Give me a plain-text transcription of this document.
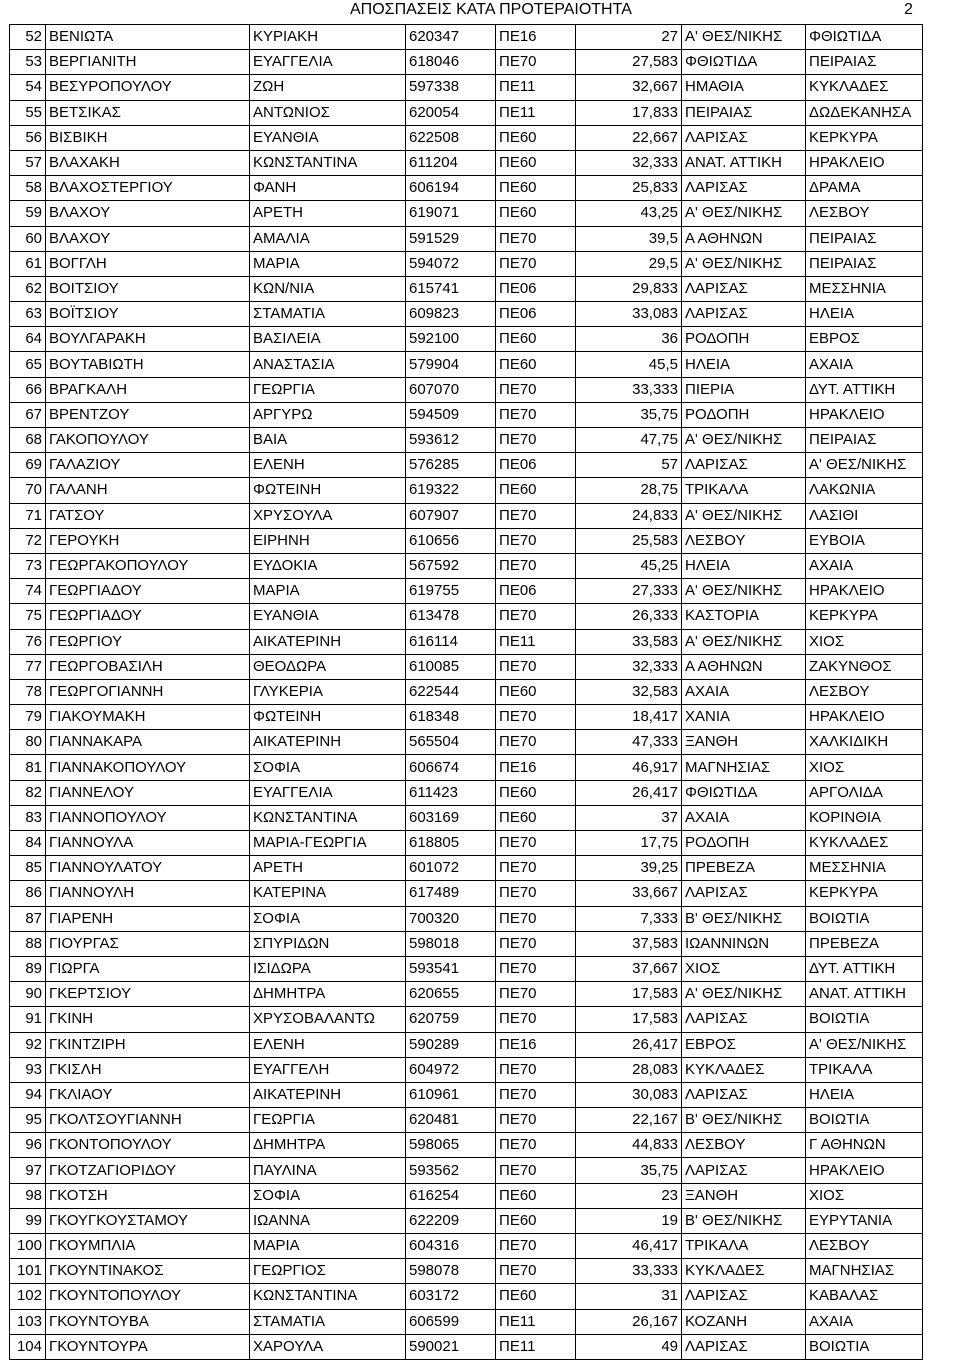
ΑΠΟΣΠΑΣΕΙΣ ΚΑΤΑ ΠΡΟΤΕΡΑΙΟΤΗΤΑ	2
52	ΒΕΝΙΩΤΑ	ΚΥΡΙΑΚΗ	620347	ΠΕ16	27	Α' ΘΕΣ/ΝΙΚΗΣ	ΦΘΙΩΤΙΔΑ
53	ΒΕΡΓΙΑΝΙΤΗ	ΕΥΑΓΓΕΛΙΑ	618046	ΠΕ70	27,583	ΦΘΙΩΤΙΔΑ	ΠΕΙΡΑΙΑΣ
54	ΒΕΣΥΡΟΠΟΥΛΟΥ	ΖΩΗ	597338	ΠΕ11	32,667	ΗΜΑΘΙΑ	ΚΥΚΛΑΔΕΣ
55	ΒΕΤΣΙΚΑΣ	ΑΝΤΩΝΙΟΣ	620054	ΠΕ11	17,833	ΠΕΙΡΑΙΑΣ	ΔΩΔΕΚΑΝΗΣΑ
56	ΒΙΣΒΙΚΗ	ΕΥΑΝΘΙΑ	622508	ΠΕ60	22,667	ΛΑΡΙΣΑΣ	ΚΕΡΚΥΡΑ
57	ΒΛΑΧΑΚΗ	ΚΩΝΣΤΑΝΤΙΝΑ	611204	ΠΕ60	32,333	ΑΝΑΤ. ΑΤΤΙΚΗ	ΗΡΑΚΛΕΙΟ
58	ΒΛΑΧΟΣΤΕΡΓΙΟΥ	ΦΑΝΗ	606194	ΠΕ60	25,833	ΛΑΡΙΣΑΣ	ΔΡΑΜΑ
59	ΒΛΑΧΟΥ	ΑΡΕΤΗ	619071	ΠΕ60	43,25	Α' ΘΕΣ/ΝΙΚΗΣ	ΛΕΣΒΟΥ
60	ΒΛΑΧΟΥ	ΑΜΑΛΙΑ	591529	ΠΕ70	39,5	Α ΑΘΗΝΩΝ	ΠΕΙΡΑΙΑΣ
61	ΒΟΓΓΛΗ	ΜΑΡΙΑ	594072	ΠΕ70	29,5	Α' ΘΕΣ/ΝΙΚΗΣ	ΠΕΙΡΑΙΑΣ
62	ΒΟΙΤΣΙΟΥ	ΚΩΝ/ΝΙΑ	615741	ΠΕ06	29,833	ΛΑΡΙΣΑΣ	ΜΕΣΣΗΝΙΑ
63	ΒΟΪΤΣΙΟΥ	ΣΤΑΜΑΤΙΑ	609823	ΠΕ06	33,083	ΛΑΡΙΣΑΣ	ΗΛΕΙΑ
64	ΒΟΥΛΓΑΡΑΚΗ	ΒΑΣΙΛΕΙΑ	592100	ΠΕ60	36	ΡΟΔΟΠΗ	ΕΒΡΟΣ
65	ΒΟΥΤΑΒΙΩΤΗ	ΑΝΑΣΤΑΣΙΑ	579904	ΠΕ60	45,5	ΗΛΕΙΑ	ΑΧΑΙΑ
66	ΒΡΑΓΚΑΛΗ	ΓΕΩΡΓΙΑ	607070	ΠΕ70	33,333	ΠΙΕΡΙΑ	ΔΥΤ. ΑΤΤΙΚΗ
67	ΒΡΕΝΤΖΟΥ	ΑΡΓΥΡΩ	594509	ΠΕ70	35,75	ΡΟΔΟΠΗ	ΗΡΑΚΛΕΙΟ
68	ΓΑΚΟΠΟΥΛΟΥ	ΒΑΙΑ	593612	ΠΕ70	47,75	Α' ΘΕΣ/ΝΙΚΗΣ	ΠΕΙΡΑΙΑΣ
69	ΓΑΛΑΖΙΟΥ	ΕΛΕΝΗ	576285	ΠΕ06	57	ΛΑΡΙΣΑΣ	Α' ΘΕΣ/ΝΙΚΗΣ
70	ΓΑΛΑΝΗ	ΦΩΤΕΙΝΗ	619322	ΠΕ60	28,75	ΤΡΙΚΑΛΑ	ΛΑΚΩΝΙΑ
71	ΓΑΤΣΟΥ	ΧΡΥΣΟΥΛΑ	607907	ΠΕ70	24,833	Α' ΘΕΣ/ΝΙΚΗΣ	ΛΑΣΙΘΙ
72	ΓΕΡΟΥΚΗ	ΕΙΡΗΝΗ	610656	ΠΕ70	25,583	ΛΕΣΒΟΥ	ΕΥΒΟΙΑ
73	ΓΕΩΡΓΑΚΟΠΟΥΛΟΥ	ΕΥΔΟΚΙΑ	567592	ΠΕ70	45,25	ΗΛΕΙΑ	ΑΧΑΙΑ
74	ΓΕΩΡΓΙΑΔΟΥ	ΜΑΡΙΑ	619755	ΠΕ06	27,333	Α' ΘΕΣ/ΝΙΚΗΣ	ΗΡΑΚΛΕΙΟ
75	ΓΕΩΡΓΙΑΔΟΥ	ΕΥΑΝΘΙΑ	613478	ΠΕ70	26,333	ΚΑΣΤΟΡΙΑ	ΚΕΡΚΥΡΑ
76	ΓΕΩΡΓΙΟΥ	ΑΙΚΑΤΕΡΙΝΗ	616114	ΠΕ11	33,583	Α' ΘΕΣ/ΝΙΚΗΣ	ΧΙΟΣ
77	ΓΕΩΡΓΟΒΑΣΙΛΗ	ΘΕΟΔΩΡΑ	610085	ΠΕ70	32,333	Α ΑΘΗΝΩΝ	ΖΑΚΥΝΘΟΣ
78	ΓΕΩΡΓΟΓΙΑΝΝΗ	ΓΛΥΚΕΡΙΑ	622544	ΠΕ60	32,583	ΑΧΑΙΑ	ΛΕΣΒΟΥ
79	ΓΙΑΚΟΥΜΑΚΗ	ΦΩΤΕΙΝΗ	618348	ΠΕ70	18,417	ΧΑΝΙΑ	ΗΡΑΚΛΕΙΟ
80	ΓΙΑΝΝΑΚΑΡΑ	ΑΙΚΑΤΕΡΙΝΗ	565504	ΠΕ70	47,333	ΞΑΝΘΗ	ΧΑΛΚΙΔΙΚΗ
81	ΓΙΑΝΝΑΚΟΠΟΥΛΟΥ	ΣΟΦΙΑ	606674	ΠΕ16	46,917	ΜΑΓΝΗΣΙΑΣ	ΧΙΟΣ
82	ΓΙΑΝΝΕΛΟΥ	ΕΥΑΓΓΕΛΙΑ	611423	ΠΕ60	26,417	ΦΘΙΩΤΙΔΑ	ΑΡΓΟΛΙΔΑ
83	ΓΙΑΝΝΟΠΟΥΛΟΥ	ΚΩΝΣΤΑΝΤΙΝΑ	603169	ΠΕ60	37	ΑΧΑΙΑ	ΚΟΡΙΝΘΙΑ
84	ΓΙΑΝΝΟΥΛΑ	ΜΑΡΙΑ-ΓΕΩΡΓΙΑ	618805	ΠΕ70	17,75	ΡΟΔΟΠΗ	ΚΥΚΛΑΔΕΣ
85	ΓΙΑΝΝΟΥΛΑΤΟΥ	ΑΡΕΤΗ	601072	ΠΕ70	39,25	ΠΡΕΒΕΖΑ	ΜΕΣΣΗΝΙΑ
86	ΓΙΑΝΝΟΥΛΗ	ΚΑΤΕΡΙΝΑ	617489	ΠΕ70	33,667	ΛΑΡΙΣΑΣ	ΚΕΡΚΥΡΑ
87	ΓΙΑΡΕΝΗ	ΣΟΦΙΑ	700320	ΠΕ70	7,333	Β' ΘΕΣ/ΝΙΚΗΣ	ΒΟΙΩΤΙΑ
88	ΓΙΟΥΡΓΑΣ	ΣΠΥΡΙΔΩΝ	598018	ΠΕ70	37,583	ΙΩΑΝΝΙΝΩΝ	ΠΡΕΒΕΖΑ
89	ΓΙΩΡΓΑ	ΙΣΙΔΩΡΑ	593541	ΠΕ70	37,667	ΧΙΟΣ	ΔΥΤ. ΑΤΤΙΚΗ
90	ΓΚΕΡΤΣΙΟΥ	ΔΗΜΗΤΡΑ	620655	ΠΕ70	17,583	Α' ΘΕΣ/ΝΙΚΗΣ	ΑΝΑΤ. ΑΤΤΙΚΗ
91	ΓΚΙΝΗ	ΧΡΥΣΟΒΑΛΑΝΤΩ	620759	ΠΕ70	17,583	ΛΑΡΙΣΑΣ	ΒΟΙΩΤΙΑ
92	ΓΚΙΝΤΖΙΡΗ	ΕΛΕΝΗ	590289	ΠΕ16	26,417	ΕΒΡΟΣ	Α' ΘΕΣ/ΝΙΚΗΣ
93	ΓΚΙΣΛΗ	ΕΥΑΓΓΕΛΗ	604972	ΠΕ70	28,083	ΚΥΚΛΑΔΕΣ	ΤΡΙΚΑΛΑ
94	ΓΚΛΙΑΟΥ	ΑΙΚΑΤΕΡΙΝΗ	610961	ΠΕ70	30,083	ΛΑΡΙΣΑΣ	ΗΛΕΙΑ
95	ΓΚΟΛΤΣΟΥΓΙΑΝΝΗ	ΓΕΩΡΓΙΑ	620481	ΠΕ70	22,167	Β' ΘΕΣ/ΝΙΚΗΣ	ΒΟΙΩΤΙΑ
96	ΓΚΟΝΤΟΠΟΥΛΟΥ	ΔΗΜΗΤΡΑ	598065	ΠΕ70	44,833	ΛΕΣΒΟΥ	Γ ΑΘΗΝΩΝ
97	ΓΚΟΤΖΑΓΙΟΡΙΔΟΥ	ΠΑΥΛΙΝΑ	593562	ΠΕ70	35,75	ΛΑΡΙΣΑΣ	ΗΡΑΚΛΕΙΟ
98	ΓΚΟΤΣΗ	ΣΟΦΙΑ	616254	ΠΕ60	23	ΞΑΝΘΗ	ΧΙΟΣ
99	ΓΚΟΥΓΚΟΥΣΤΑΜΟΥ	ΙΩΑΝΝΑ	622209	ΠΕ60	19	Β' ΘΕΣ/ΝΙΚΗΣ	ΕΥΡΥΤΑΝΙΑ
100	ΓΚΟΥΜΠΛΙΑ	ΜΑΡΙΑ	604316	ΠΕ70	46,417	ΤΡΙΚΑΛΑ	ΛΕΣΒΟΥ
101	ΓΚΟΥΝΤΙΝΑΚΟΣ	ΓΕΩΡΓΙΟΣ	598078	ΠΕ70	33,333	ΚΥΚΛΑΔΕΣ	ΜΑΓΝΗΣΙΑΣ
102	ΓΚΟΥΝΤΟΠΟΥΛΟΥ	ΚΩΝΣΤΑΝΤΙΝΑ	603172	ΠΕ60	31	ΛΑΡΙΣΑΣ	ΚΑΒΑΛΑΣ
103	ΓΚΟΥΝΤΟΥΒΑ	ΣΤΑΜΑΤΙΑ	606599	ΠΕ11	26,167	ΚΟΖΑΝΗ	ΑΧΑΙΑ
104	ΓΚΟΥΝΤΟΥΡΑ	ΧΑΡΟΥΛΑ	590021	ΠΕ11	49	ΛΑΡΙΣΑΣ	ΒΟΙΩΤΙΑ
